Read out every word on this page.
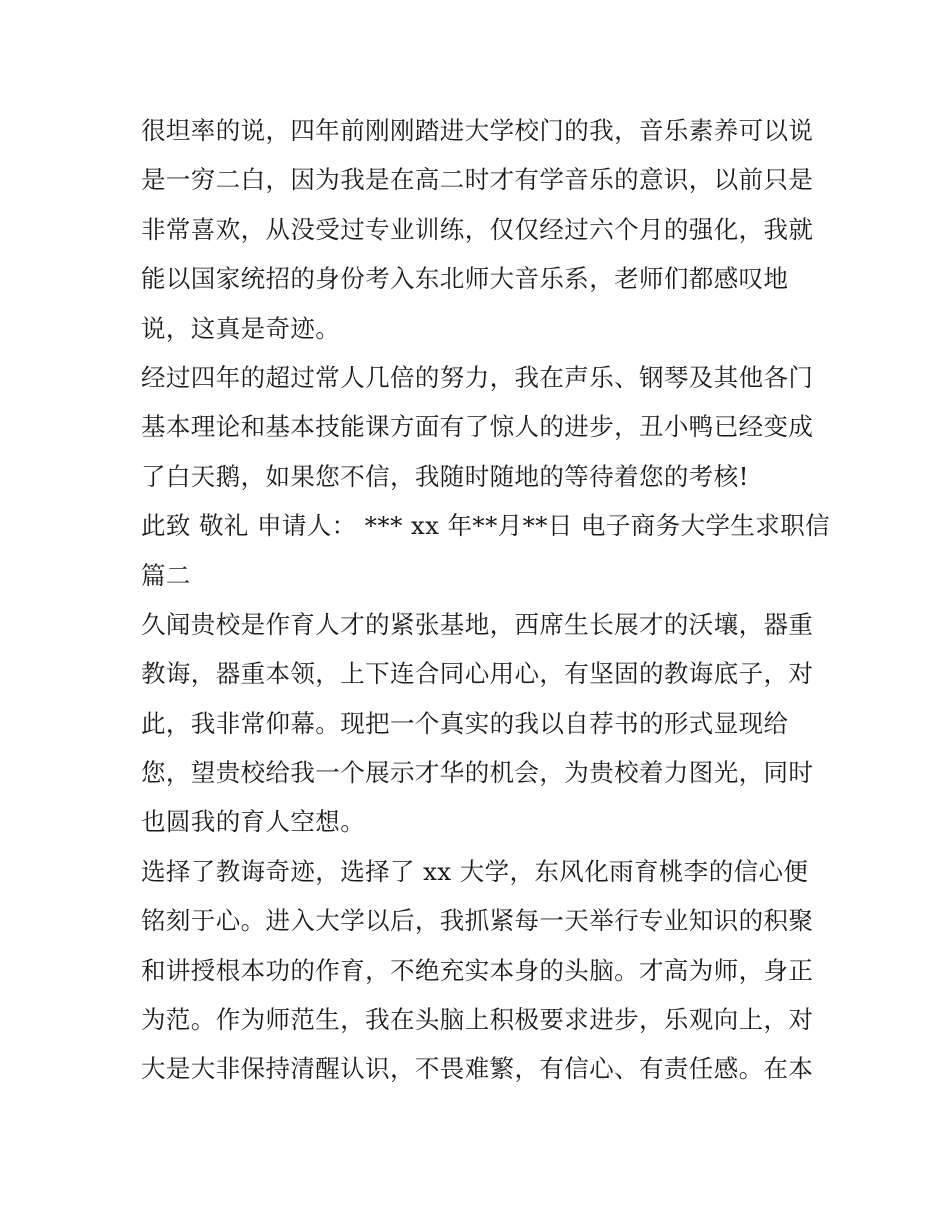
很坦率的说，四年前刚刚踏进大学校门的我，音乐素养可以说
是一穷二白，因为我是在高二时才有学音乐的意识，以前只是
非常喜欢，从没受过专业训练，仅仅经过六个月的强化，我就
能以国家统招的身份考入东北师大音乐系，老师们都感叹地
说，这真是奇迹。
经过四年的超过常人几倍的努力，我在声乐、钢琴及其他各门
基本理论和基本技能课方面有了惊人的进步，丑小鸭已经变成
了白天鹅，如果您不信，我随时随地的等待着您的考核!
此致 敬礼 申请人： *** xx 年**月**日 电子商务大学生求职信
篇二
久闻贵校是作育人才的紧张基地，西席生长展才的沃壤，器重
教诲，器重本领，上下连合同心用心，有坚固的教诲底子，对
此，我非常仰幕。现把一个真实的我以自荐书的形式显现给
您，望贵校给我一个展示才华的机会，为贵校着力图光，同时
也圆我的育人空想。
选择了教诲奇迹，选择了 xx 大学，东风化雨育桃李的信心便
铭刻于心。进入大学以后，我抓紧每一天举行专业知识的积聚
和讲授根本功的作育，不绝充实本身的头脑。才高为师，身正
为范。作为师范生，我在头脑上积极要求进步，乐观向上，对
大是大非保持清醒认识，不畏难繁，有信心、有责任感。在本
